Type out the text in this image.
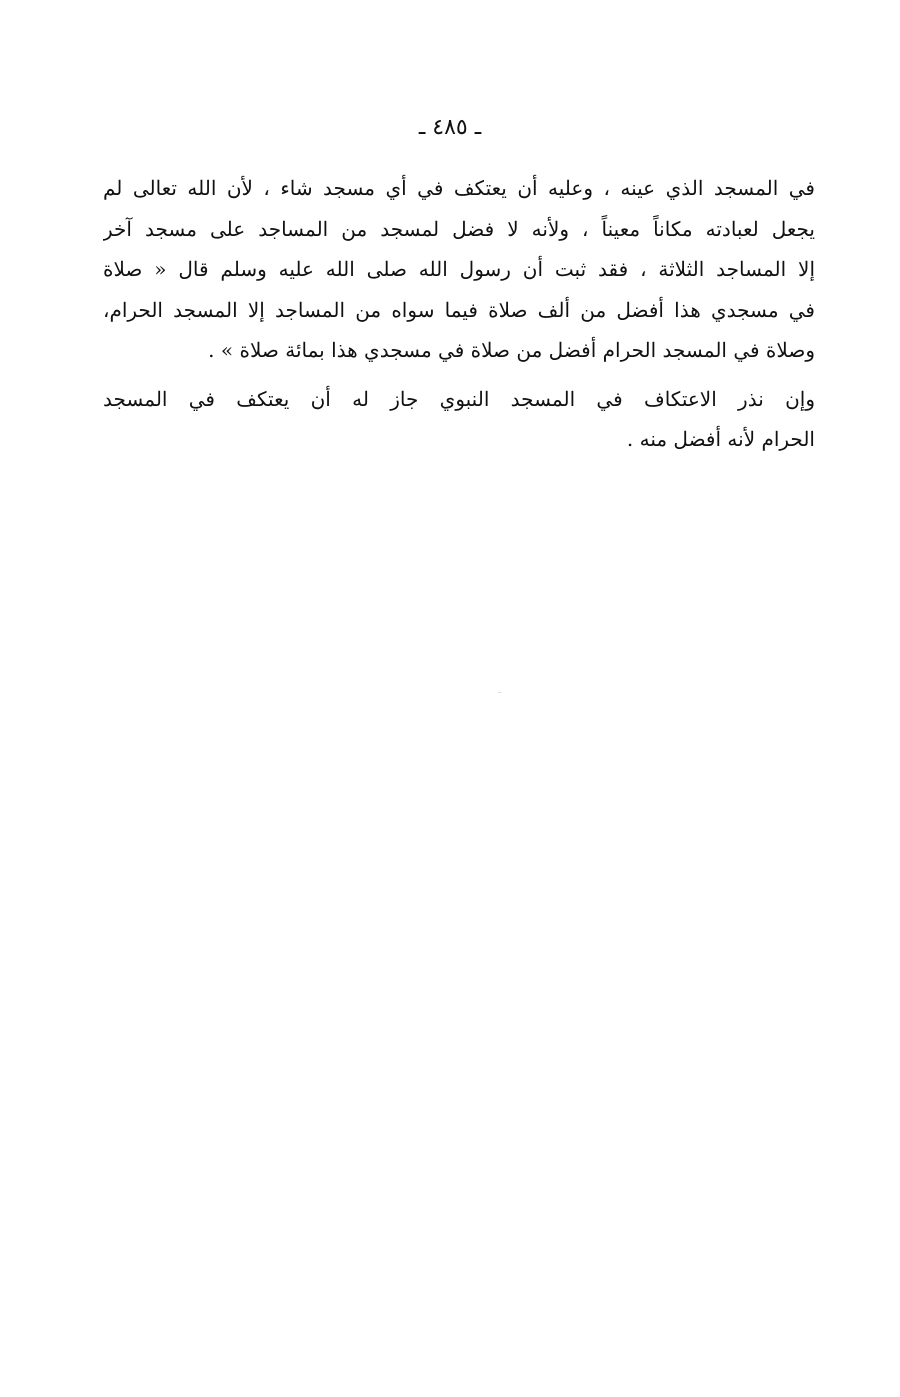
ـ ٤٨٥ ـ

في المسجد الذي عينه ، وعليه أن يعتكف في أي مسجد شاء ، لأن الله تعالى لم
يجعل لعبادته مكاناً معيناً ، ولأنه لا فضل لمسجد من المساجد على مسجد آخر
إلا المساجد الثلاثة ، فقد ثبت أن رسول الله صلى الله عليه وسلم قال « صلاة
في مسجدي هذا أفضل من ألف صلاة فيما سواه من المساجد إلا المسجد الحرام،
وصلاة في المسجد الحرام أفضل من صلاة في مسجدي هذا بمائة صلاة » .

وإن نذر الاعتكاف في المسجد النبوي جاز له أن يعتكف في المسجد
الحرام لأنه أفضل منه .
